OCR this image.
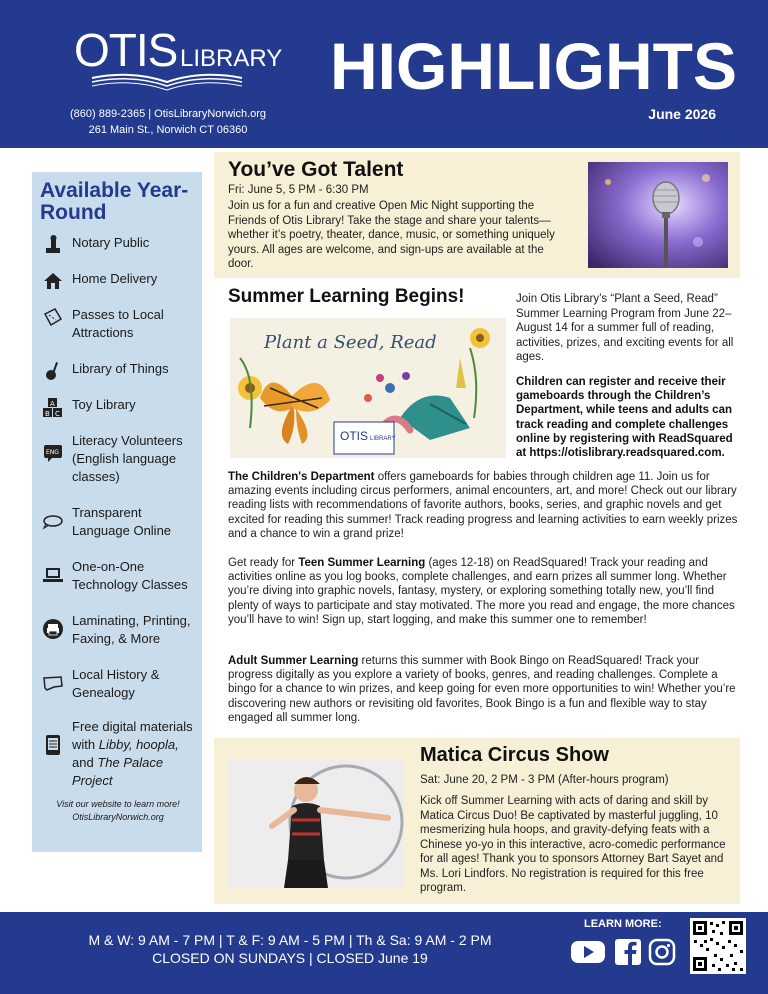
OTIS LIBRARY
(860) 889-2365 | OtisLibraryNorwich.org
261 Main St., Norwich CT 06360
HIGHLIGHTS
June 2026
Available Year-Round
Notary Public
Home Delivery
Passes to Local Attractions
Library of Things
A
B C
Toy Library
ENG
Literacy Volunteers (English language classes)
Transparent Language Online
One-on-One Technology Classes
Laminating, Printing, Faxing, & More
Local History & Genealogy
Free digital materials with Libby, hoopla, and The Palace Project
Visit our website to learn more! OtisLibraryNorwich.org
You’ve Got Talent
Fri: June 5, 5 PM - 6:30 PM
Join us for a fun and creative Open Mic Night supporting the Friends of Otis Library! Take the stage and share your talents—whether it’s poetry, theater, dance, music, or something uniquely yours. All ages are welcome, and sign-ups are available at the door.
Summer Learning Begins!
Plant a Seed, Read
OTIS LIBRARY
Join Otis Library’s “Plant a Seed, Read” Summer Learning Program from June 22–August 14 for a summer full of reading, activities, prizes, and exciting events for all ages.
Children can register and receive their gameboards through the Children’s Department, while teens and adults can track reading and complete challenges online by registering with ReadSquared at https://otislibrary.readsquared.com.
The Children's Department offers gameboards for babies through children age 11. Join us for amazing events including circus performers, animal encounters, art, and more! Check out our library reading lists with recommendations of favorite authors, books, series, and graphic novels and get excited for reading this summer! Track reading progress and learning activities to earn weekly prizes and a chance to win a grand prize!
Get ready for Teen Summer Learning (ages 12-18) on ReadSquared! Track your reading and activities online as you log books, complete challenges, and earn prizes all summer long. Whether you’re diving into graphic novels, fantasy, mystery, or exploring something totally new, you’ll find plenty of ways to participate and stay motivated. The more you read and engage, the more chances you’ll have to win! Sign up, start logging, and make this summer one to remember!
Adult Summer Learning returns this summer with Book Bingo on ReadSquared! Track your progress digitally as you explore a variety of books, genres, and reading challenges. Complete a bingo for a chance to win prizes, and keep going for even more opportunities to win! Whether you’re discovering new authors or revisiting old favorites, Book Bingo is a fun and flexible way to stay engaged all summer long.
Matica Circus Show
Sat: June 20, 2 PM - 3 PM (After-hours program)
Kick off Summer Learning with acts of daring and skill by Matica Circus Duo! Be captivated by masterful juggling, 10 mesmerizing hula hoops, and gravity-defying feats with a Chinese yo-yo in this interactive, acro-comedic performance for all ages! Thank you to sponsors Attorney Bart Sayet and Ms. Lori Lindfors. No registration is required for this free program.
M & W: 9 AM - 7 PM | T & F: 9 AM - 5 PM | Th & Sa: 9 AM - 2 PM
CLOSED ON SUNDAYS | CLOSED June 19
LEARN MORE:
